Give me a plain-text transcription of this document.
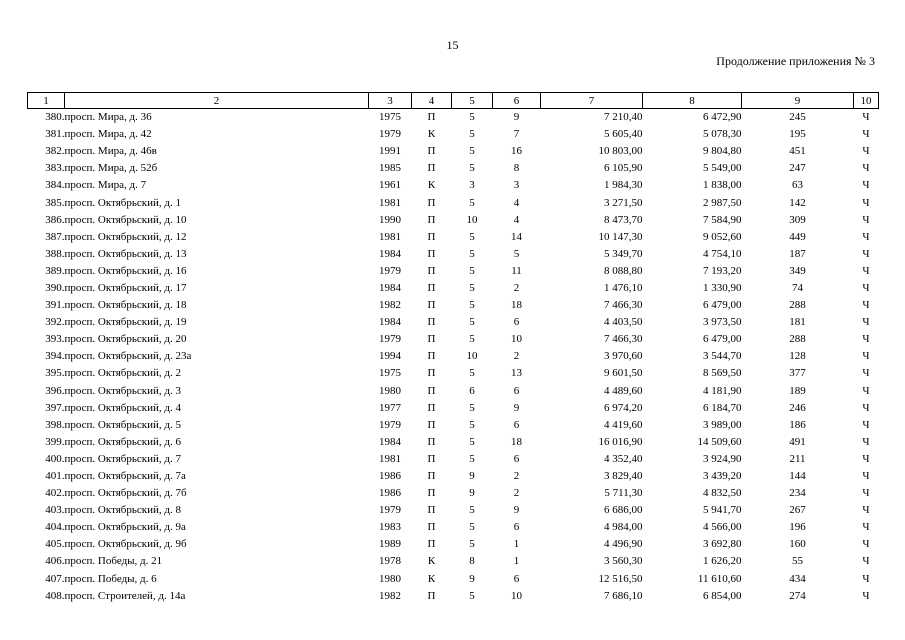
15
Продолжение приложения № 3
1	2	3	4	5	6	7	8	9	10
380.	просп. Мира, д. 36	1975	П	5	9	7 210,40	6 472,90	245	Ч
381.	просп. Мира, д. 42	1979	К	5	7	5 605,40	5 078,30	195	Ч
382.	просп. Мира, д. 46в	1991	П	5	16	10 803,00	9 804,80	451	Ч
383.	просп. Мира, д. 52б	1985	П	5	8	6 105,90	5 549,00	247	Ч
384.	просп. Мира, д. 7	1961	К	3	3	1 984,30	1 838,00	63	Ч
385.	просп. Октябрьский, д. 1	1981	П	5	4	3 271,50	2 987,50	142	Ч
386.	просп. Октябрьский, д. 10	1990	П	10	4	8 473,70	7 584,90	309	Ч
387.	просп. Октябрьский, д. 12	1981	П	5	14	10 147,30	9 052,60	449	Ч
388.	просп. Октябрьский, д. 13	1984	П	5	5	5 349,70	4 754,10	187	Ч
389.	просп. Октябрьский, д. 16	1979	П	5	11	8 088,80	7 193,20	349	Ч
390.	просп. Октябрьский, д. 17	1984	П	5	2	1 476,10	1 330,90	74	Ч
391.	просп. Октябрьский, д. 18	1982	П	5	18	7 466,30	6 479,00	288	Ч
392.	просп. Октябрьский, д. 19	1984	П	5	6	4 403,50	3 973,50	181	Ч
393.	просп. Октябрьский, д. 20	1979	П	5	10	7 466,30	6 479,00	288	Ч
394.	просп. Октябрьский, д. 23а	1994	П	10	2	3 970,60	3 544,70	128	Ч
395.	просп. Октябрьский, д. 2	1975	П	5	13	9 601,50	8 569,50	377	Ч
396.	просп. Октябрьский, д. 3	1980	П	6	6	4 489,60	4 181,90	189	Ч
397.	просп. Октябрьский, д. 4	1977	П	5	9	6 974,20	6 184,70	246	Ч
398.	просп. Октябрьский, д. 5	1979	П	5	6	4 419,60	3 989,00	186	Ч
399.	просп. Октябрьский, д. 6	1984	П	5	18	16 016,90	14 509,60	491	Ч
400.	просп. Октябрьский, д. 7	1981	П	5	6	4 352,40	3 924,90	211	Ч
401.	просп. Октябрьский, д. 7а	1986	П	9	2	3 829,40	3 439,20	144	Ч
402.	просп. Октябрьский, д. 7б	1986	П	9	2	5 711,30	4 832,50	234	Ч
403.	просп. Октябрьский, д. 8	1979	П	5	9	6 686,00	5 941,70	267	Ч
404.	просп. Октябрьский, д. 9а	1983	П	5	6	4 984,00	4 566,00	196	Ч
405.	просп. Октябрьский, д. 9б	1989	П	5	1	4 496,90	3 692,80	160	Ч
406.	просп. Победы, д. 21	1978	К	8	1	3 560,30	1 626,20	55	Ч
407.	просп. Победы, д. 6	1980	К	9	6	12 516,50	11 610,60	434	Ч
408.	просп. Строителей, д. 14а	1982	П	5	10	7 686,10	6 854,00	274	Ч
